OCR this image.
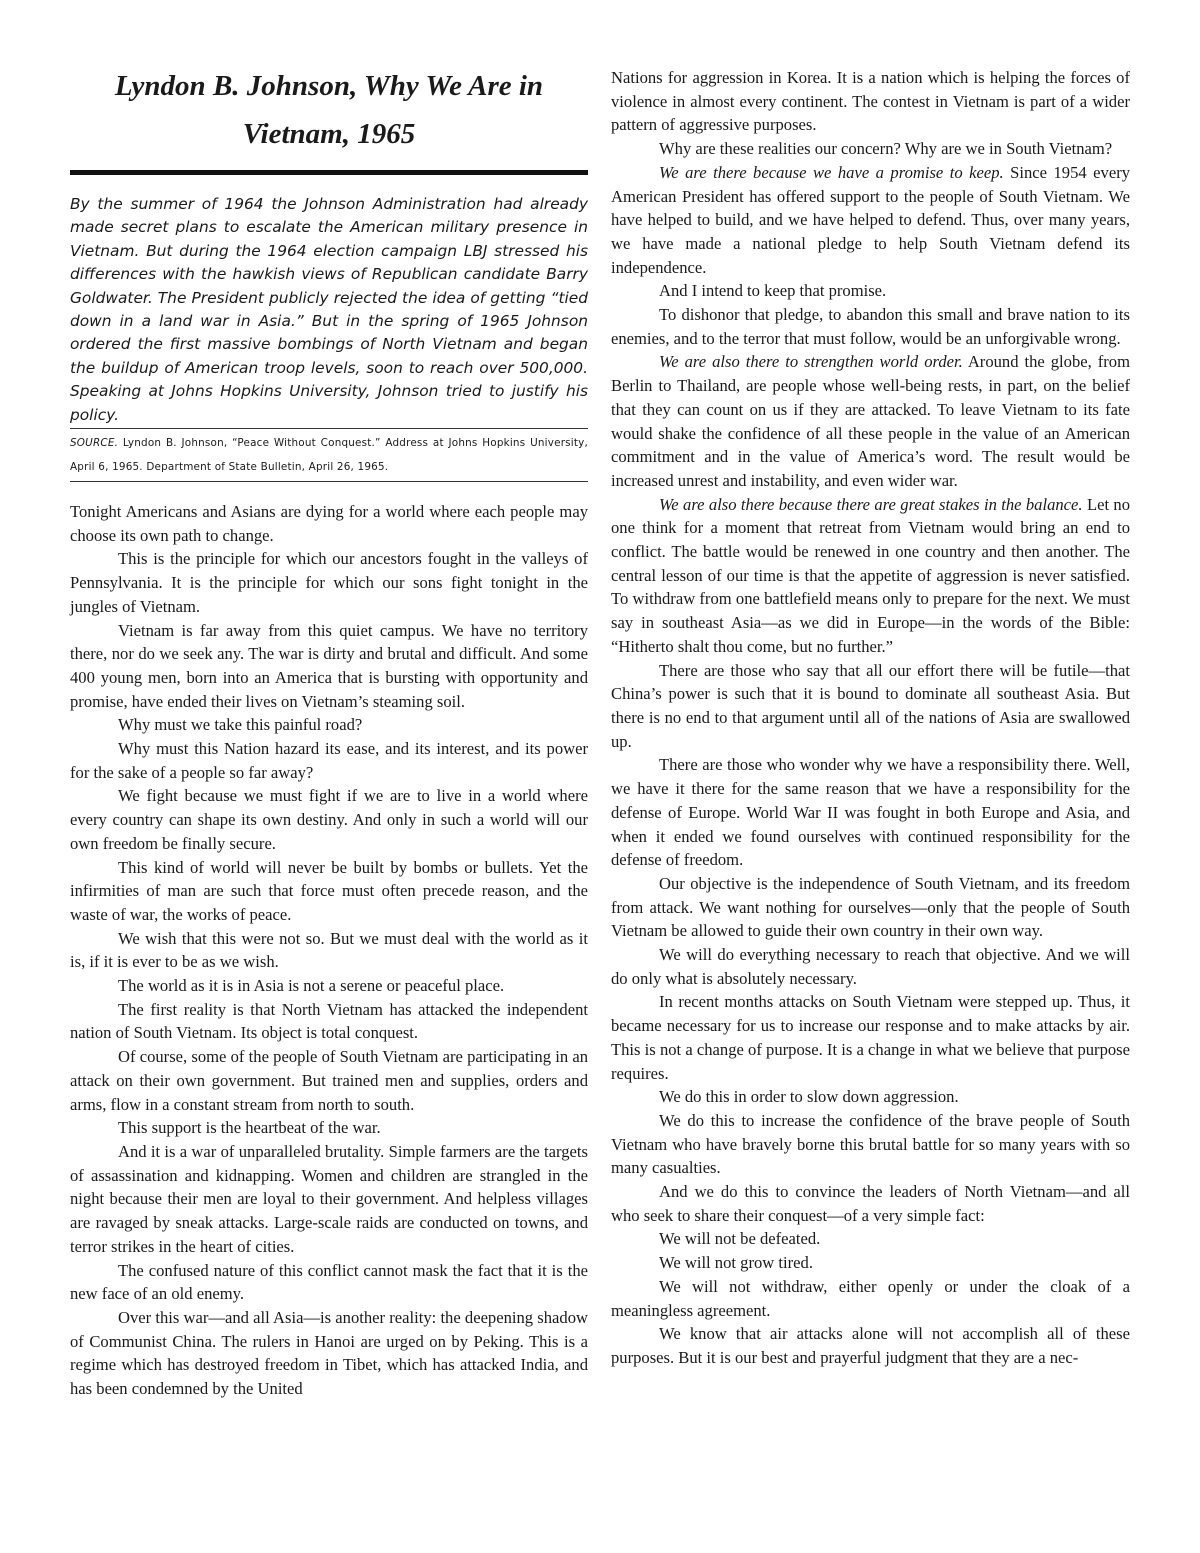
Lyndon B. Johnson, Why We Are in Vietnam, 1965

By the summer of 1964 the Johnson Administration had already made secret plans to escalate the American military presence in Vietnam. But during the 1964 election campaign LBJ stressed his differences with the hawkish views of Republican candidate Barry Goldwater. The President publicly rejected the idea of getting “tied down in a land war in Asia.” But in the spring of 1965 Johnson ordered the first massive bombings of North Vietnam and began the buildup of American troop levels, soon to reach over 500,000. Speaking at Johns Hopkins University, Johnson tried to justify his policy.

SOURCE. Lyndon B. Johnson, “Peace Without Conquest.” Address at Johns Hopkins University, April 6, 1965. Department of State Bulletin, April 26, 1965.

Tonight Americans and Asians are dying for a world where each people may choose its own path to change.

This is the principle for which our ancestors fought in the valleys of Pennsylvania. It is the principle for which our sons fight tonight in the jungles of Vietnam.

Vietnam is far away from this quiet campus. We have no territory there, nor do we seek any. The war is dirty and brutal and difficult. And some 400 young men, born into an America that is bursting with opportunity and promise, have ended their lives on Vietnam’s steaming soil.

Why must we take this painful road?

Why must this Nation hazard its ease, and its interest, and its power for the sake of a people so far away?

We fight because we must fight if we are to live in a world where every country can shape its own destiny. And only in such a world will our own freedom be finally secure.

This kind of world will never be built by bombs or bullets. Yet the infirmities of man are such that force must often precede reason, and the waste of war, the works of peace.

We wish that this were not so. But we must deal with the world as it is, if it is ever to be as we wish.

The world as it is in Asia is not a serene or peaceful place.

The first reality is that North Vietnam has attacked the independent nation of South Vietnam. Its object is total conquest.

Of course, some of the people of South Vietnam are participating in an attack on their own government. But trained men and supplies, orders and arms, flow in a constant stream from north to south.

This support is the heartbeat of the war.

And it is a war of unparalleled brutality. Simple farmers are the targets of assassination and kidnapping. Women and children are strangled in the night because their men are loyal to their government. And helpless villages are ravaged by sneak attacks. Large-scale raids are conducted on towns, and terror strikes in the heart of cities.

The confused nature of this conflict cannot mask the fact that it is the new face of an old enemy.

Over this war—and all Asia—is another reality: the deepening shadow of Communist China. The rulers in Hanoi are urged on by Peking. This is a regime which has destroyed freedom in Tibet, which has attacked India, and has been condemned by the United

Nations for aggression in Korea. It is a nation which is helping the forces of violence in almost every continent. The contest in Vietnam is part of a wider pattern of aggressive purposes.

Why are these realities our concern? Why are we in South Vietnam?

We are there because we have a promise to keep. Since 1954 every American President has offered support to the people of South Vietnam. We have helped to build, and we have helped to defend. Thus, over many years, we have made a national pledge to help South Vietnam defend its independence.

And I intend to keep that promise.

To dishonor that pledge, to abandon this small and brave nation to its enemies, and to the terror that must follow, would be an unforgivable wrong.

We are also there to strengthen world order. Around the globe, from Berlin to Thailand, are people whose well-being rests, in part, on the belief that they can count on us if they are attacked. To leave Vietnam to its fate would shake the confidence of all these people in the value of an American commitment and in the value of America’s word. The result would be increased unrest and instability, and even wider war.

We are also there because there are great stakes in the balance. Let no one think for a moment that retreat from Vietnam would bring an end to conflict. The battle would be renewed in one country and then another. The central lesson of our time is that the appetite of aggression is never satisfied. To withdraw from one battlefield means only to prepare for the next. We must say in southeast Asia—as we did in Europe—in the words of the Bible: “Hitherto shalt thou come, but no further.”

There are those who say that all our effort there will be futile—that China’s power is such that it is bound to dominate all southeast Asia. But there is no end to that argument until all of the nations of Asia are swallowed up.

There are those who wonder why we have a responsibility there. Well, we have it there for the same reason that we have a responsibility for the defense of Europe. World War II was fought in both Europe and Asia, and when it ended we found ourselves with continued responsibility for the defense of freedom.

Our objective is the independence of South Vietnam, and its freedom from attack. We want nothing for ourselves—only that the people of South Vietnam be allowed to guide their own country in their own way.

We will do everything necessary to reach that objective. And we will do only what is absolutely necessary.

In recent months attacks on South Vietnam were stepped up. Thus, it became necessary for us to increase our response and to make attacks by air. This is not a change of purpose. It is a change in what we believe that purpose requires.

We do this in order to slow down aggression.

We do this to increase the confidence of the brave people of South Vietnam who have bravely borne this brutal battle for so many years with so many casualties.

And we do this to convince the leaders of North Vietnam—and all who seek to share their conquest—of a very simple fact:

We will not be defeated.

We will not grow tired.

We will not withdraw, either openly or under the cloak of a meaningless agreement.

We know that air attacks alone will not accomplish all of these purposes. But it is our best and prayerful judgment that they are a nec-
